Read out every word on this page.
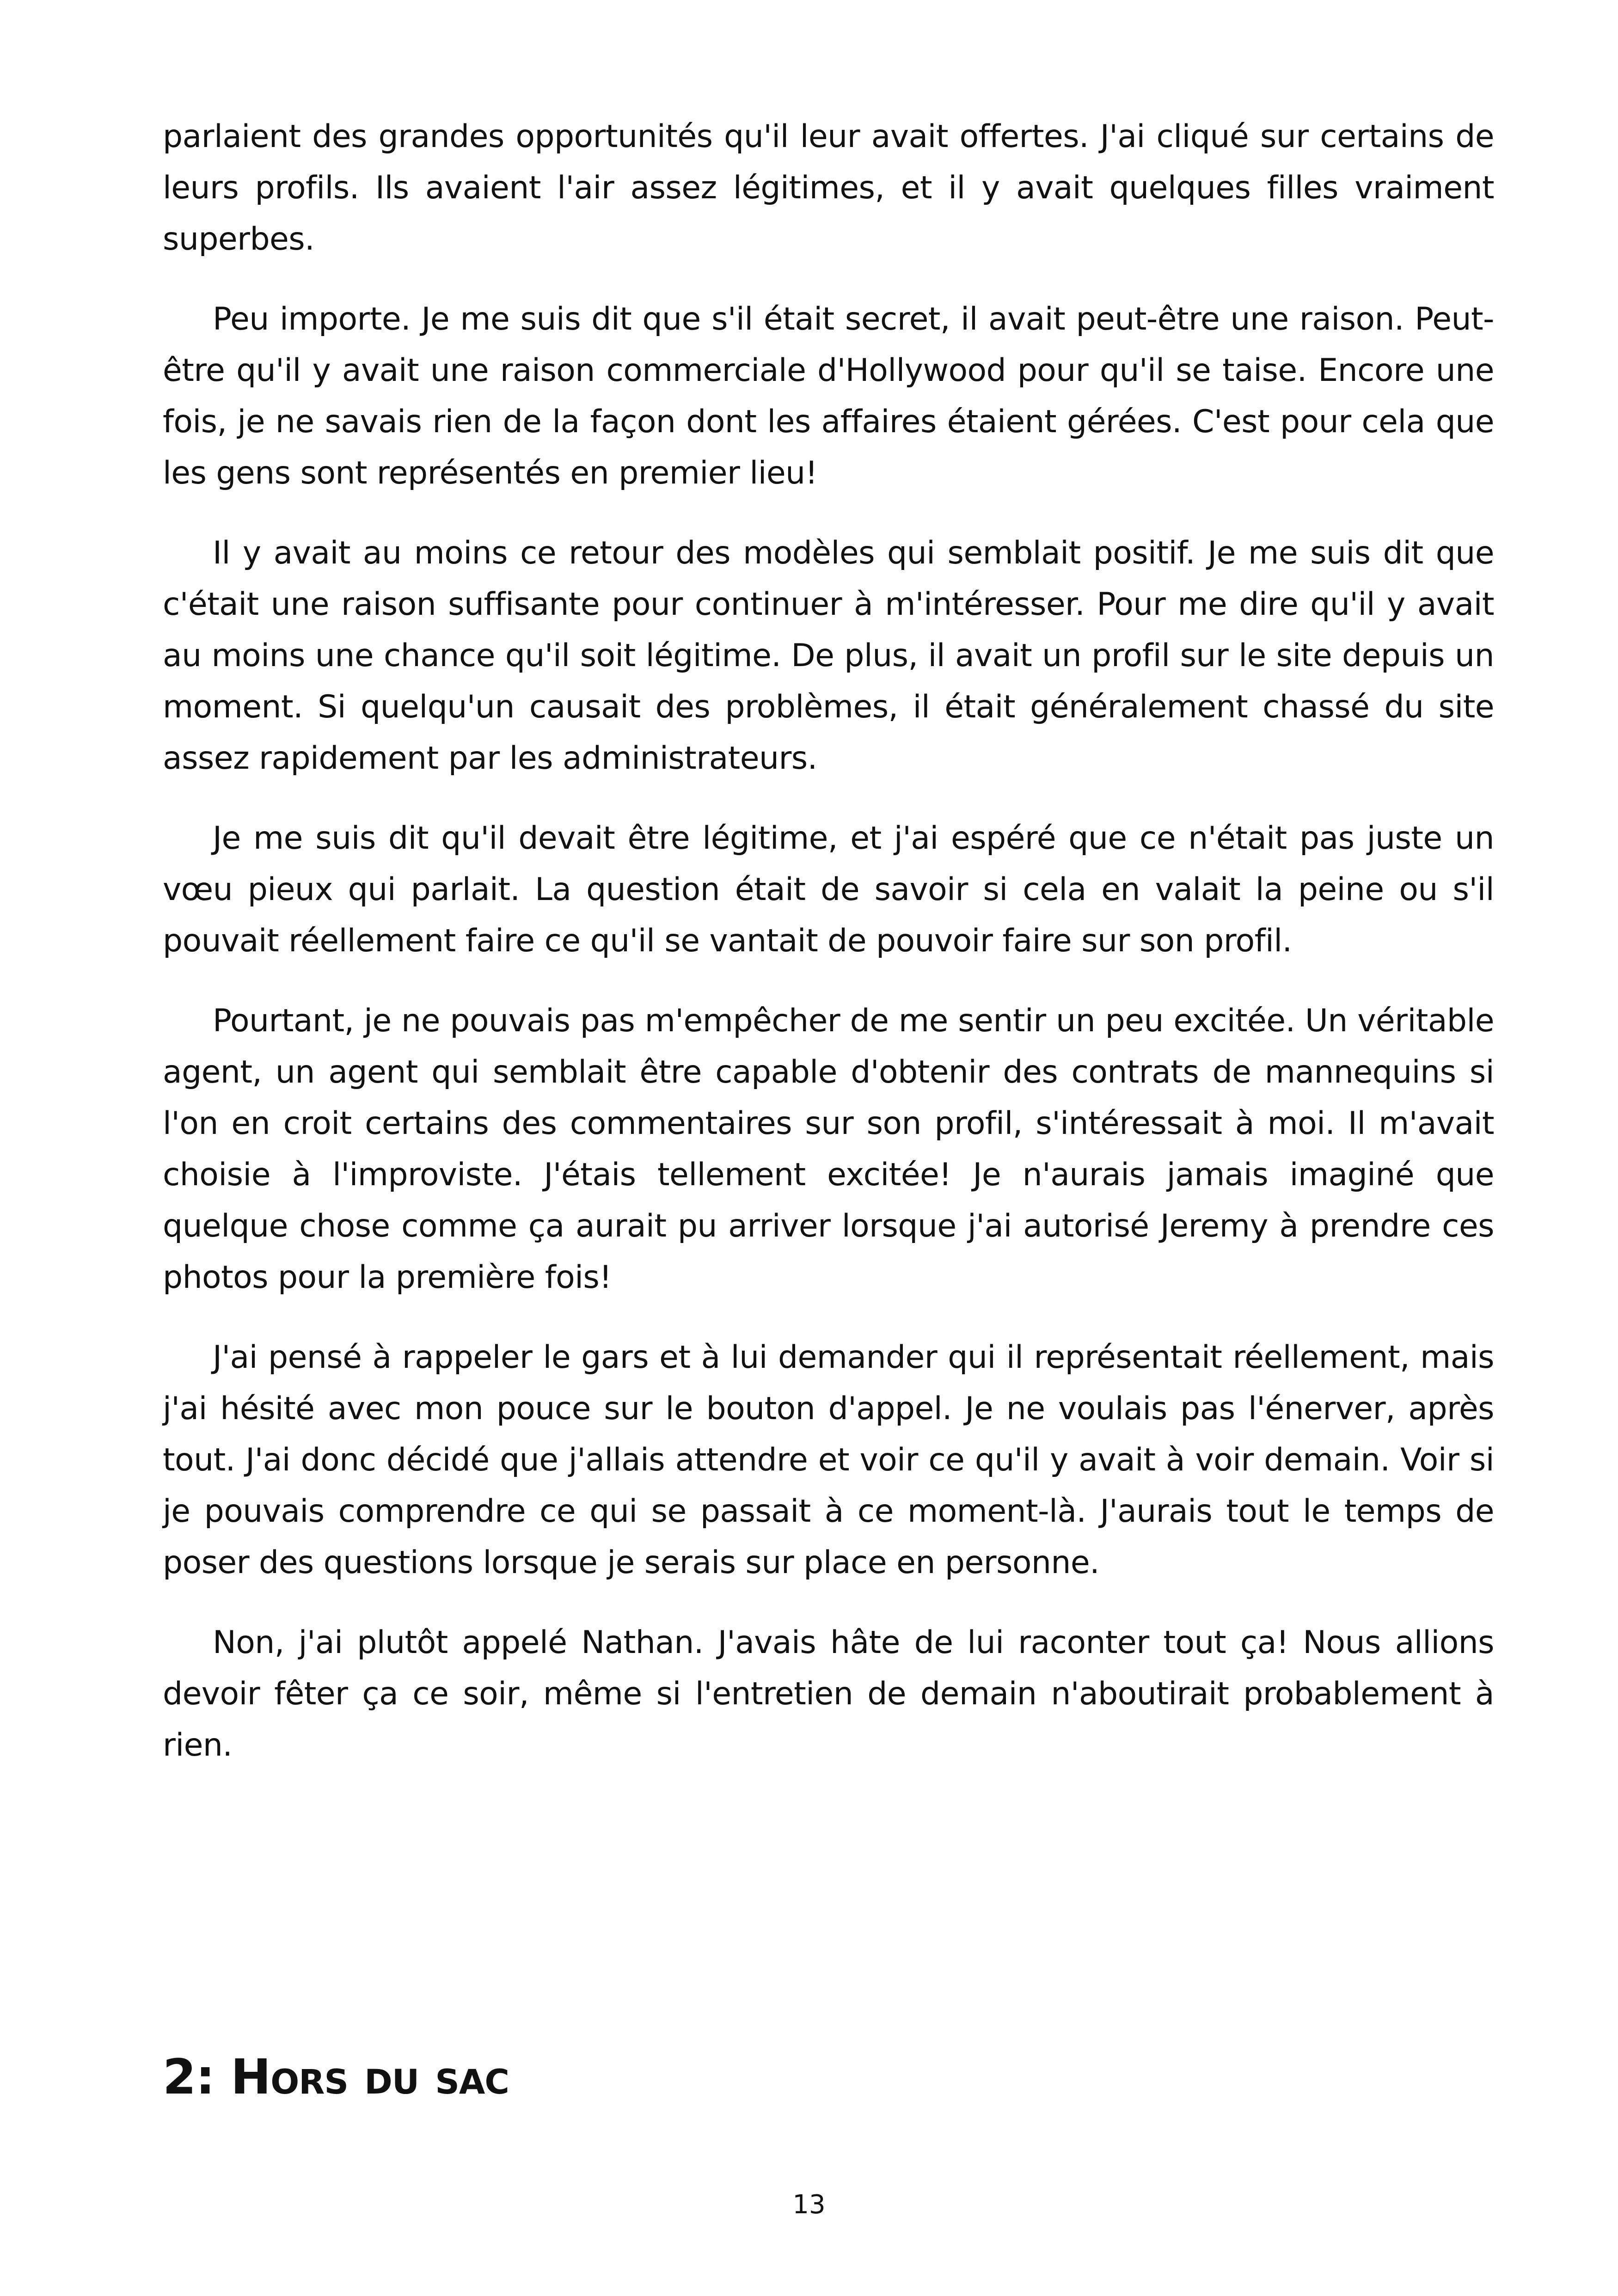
parlaient des grandes opportunités qu'il leur avait offertes. J'ai cliqué sur certains de leurs profils. Ils avaient l'air assez légitimes, et il y avait quelques filles vraiment superbes.

Peu importe. Je me suis dit que s'il était secret, il avait peut-être une raison. Peut-être qu'il y avait une raison commerciale d'Hollywood pour qu'il se taise. Encore une fois, je ne savais rien de la façon dont les affaires étaient gérées. C'est pour cela que les gens sont représentés en premier lieu!

Il y avait au moins ce retour des modèles qui semblait positif. Je me suis dit que c'était une raison suffisante pour continuer à m'intéresser. Pour me dire qu'il y avait au moins une chance qu'il soit légitime. De plus, il avait un profil sur le site depuis un moment. Si quelqu'un causait des problèmes, il était généralement chassé du site assez rapidement par les administrateurs.

Je me suis dit qu'il devait être légitime, et j'ai espéré que ce n'était pas juste un vœu pieux qui parlait. La question était de savoir si cela en valait la peine ou s'il pouvait réellement faire ce qu'il se vantait de pouvoir faire sur son profil.

Pourtant, je ne pouvais pas m'empêcher de me sentir un peu excitée. Un véritable agent, un agent qui semblait être capable d'obtenir des contrats de mannequins si l'on en croit certains des commentaires sur son profil, s'intéressait à moi. Il m'avait choisie à l'improviste. J'étais tellement excitée! Je n'aurais jamais imaginé que quelque chose comme ça aurait pu arriver lorsque j'ai autorisé Jeremy à prendre ces photos pour la première fois!

J'ai pensé à rappeler le gars et à lui demander qui il représentait réellement, mais j'ai hésité avec mon pouce sur le bouton d'appel. Je ne voulais pas l'énerver, après tout. J'ai donc décidé que j'allais attendre et voir ce qu'il y avait à voir demain. Voir si je pouvais comprendre ce qui se passait à ce moment-là. J'aurais tout le temps de poser des questions lorsque je serais sur place en personne.

Non, j'ai plutôt appelé Nathan. J'avais hâte de lui raconter tout ça! Nous allions devoir fêter ça ce soir, même si l'entretien de demain n'aboutirait probablement à rien.

2: Hors du sac
13
